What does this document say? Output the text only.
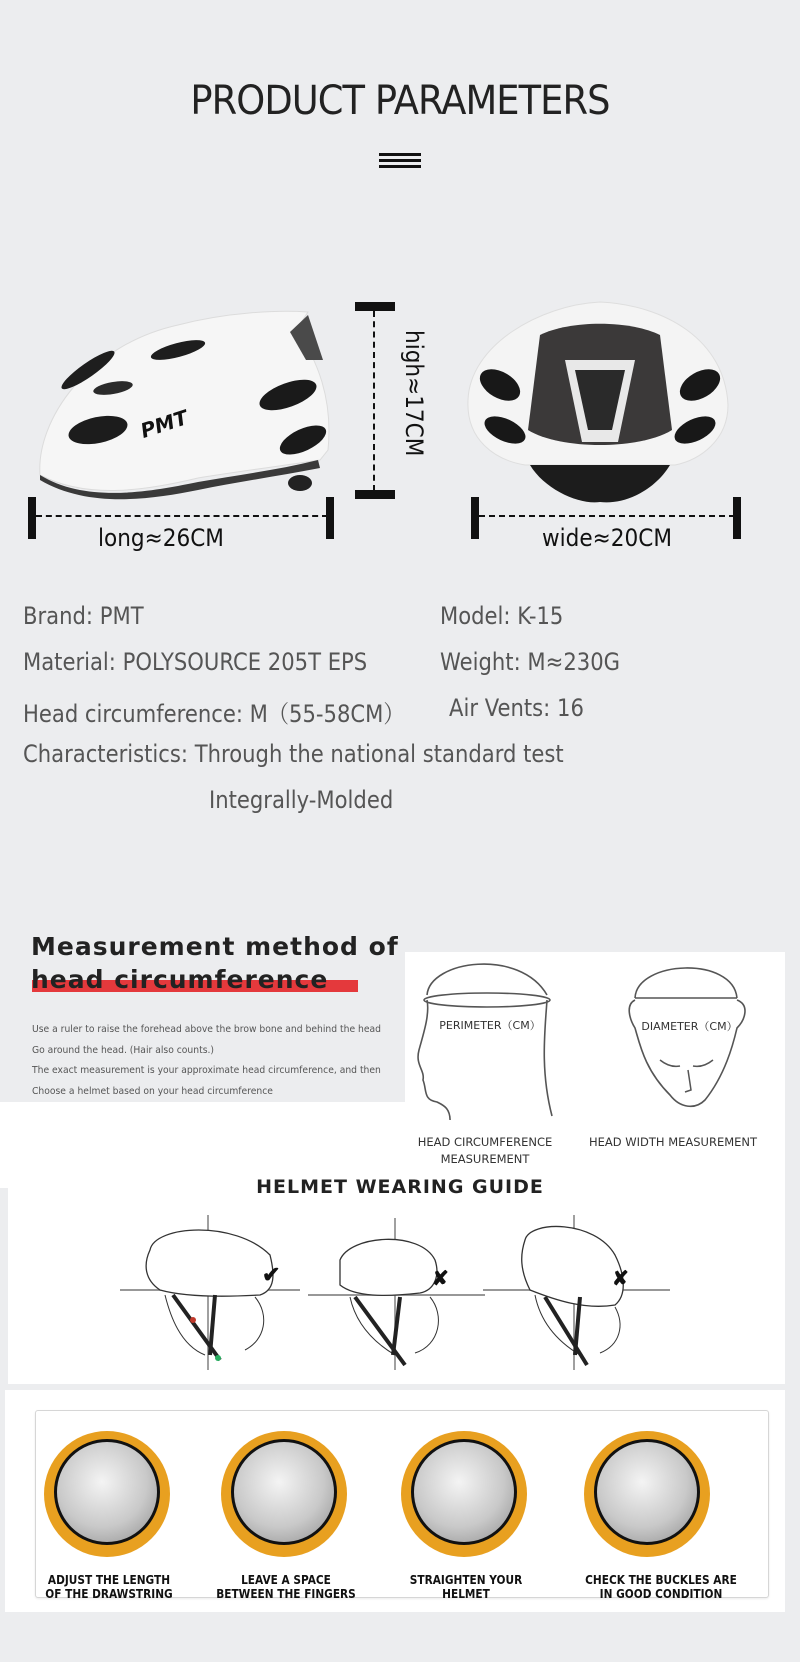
PRODUCT PARAMETERS
PMT	high≈17CM
long≈26CM	wide≈20CM
Brand: PMT	Model: K-15
Material: POLYSOURCE 205T EPS	Weight: M≈230G
Head circumference: M（55-58CM） Air Vents: 16
Characteristics: Through the national standard test
Integrally-Molded
Measurement method of
head circumference
Use a ruler to raise the forehead above the brow bone and behind the head
Go around the head. (Hair also counts.)
The exact measurement is your approximate head circumference, and then
Choose a helmet based on your head circumference
PERIMETER（CM）
HEAD CIRCUMFERENCE
MEASUREMENT
DIAMETER（CM）
HEAD WIDTH MEASUREMENT
HELMET WEARING GUIDE
✔	✘	✘
ADJUST THE LENGTH
OF THE DRAWSTRING
LEAVE A SPACE
BETWEEN THE FINGERS
STRAIGHTEN YOUR HELMET
CHECK THE BUCKLES ARE
IN GOOD CONDITION
